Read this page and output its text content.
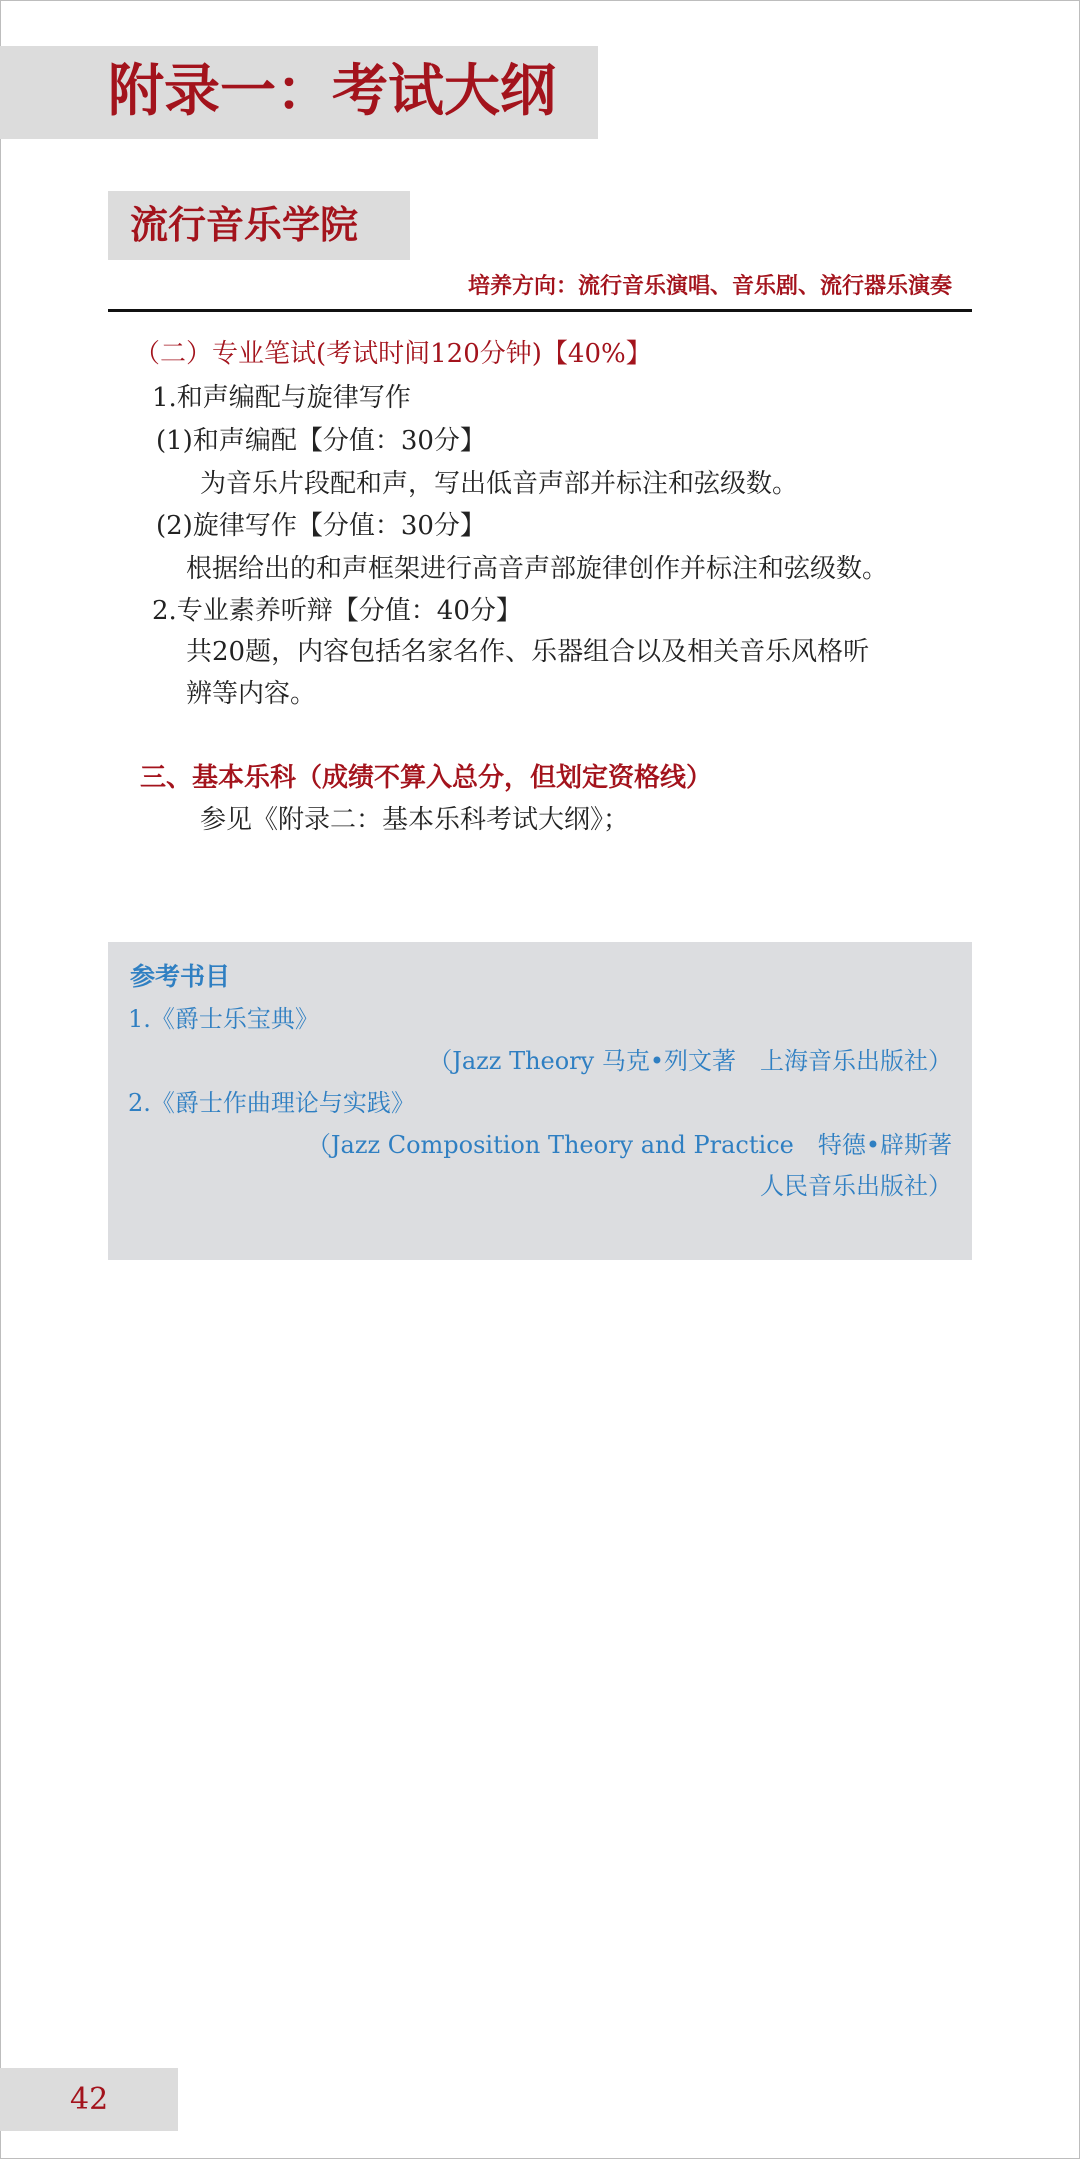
附录一：考试大纲
流行音乐学院
培养方向：流行音乐演唱、音乐剧、流行器乐演奏
（二）专业笔试(考试时间120分钟)【40%】
1.和声编配与旋律写作
(1)和声编配【分值：30分】
为音乐片段配和声，写出低音声部并标注和弦级数。
(2)旋律写作【分值：30分】
根据给出的和声框架进行高音声部旋律创作并标注和弦级数。
2.专业素养听辩【分值：40分】
共20题，内容包括名家名作、乐器组合以及相关音乐风格听
辨等内容。
三、基本乐科（成绩不算入总分，但划定资格线）
参见《附录二：基本乐科考试大纲》；
参考书目
1.《爵士乐宝典》
（Jazz Theory 马克•列文著　上海音乐出版社）
2.《爵士作曲理论与实践》
（Jazz Composition Theory and Practice　特德•辟斯著
人民音乐出版社）
42
